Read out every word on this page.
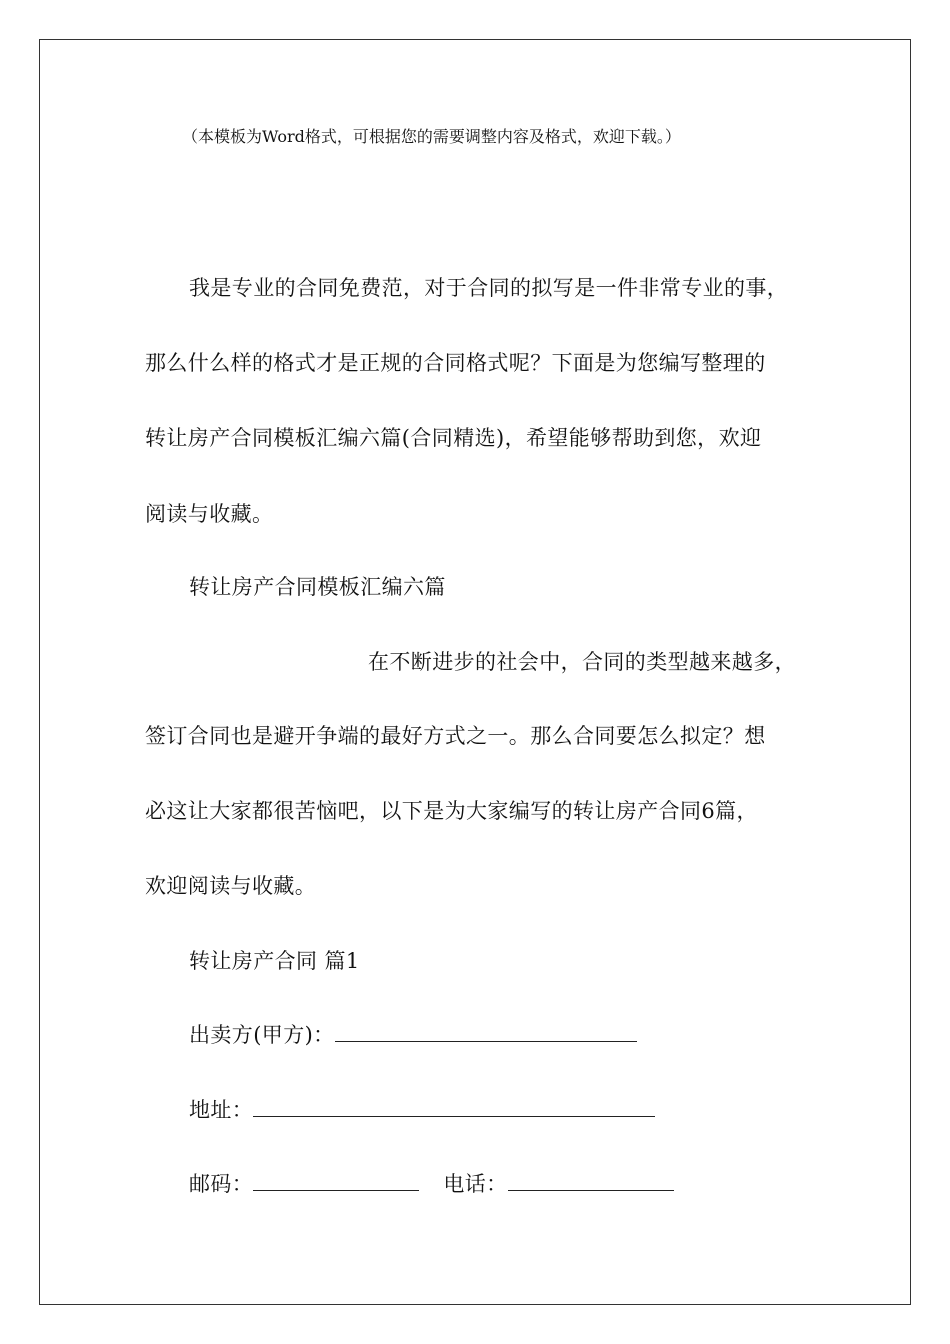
（本模板为Word格式，可根据您的需要调整内容及格式，欢迎下载。）
我是专业的合同免费范，对于合同的拟写是一件非常专业的事，
那么什么样的格式才是正规的合同格式呢？下面是为您编写整理的
转让房产合同模板汇编六篇(合同精选)，希望能够帮助到您，欢迎
阅读与收藏。
转让房产合同模板汇编六篇
在不断进步的社会中，合同的类型越来越多，
签订合同也是避开争端的最好方式之一。那么合同要怎么拟定？想
必这让大家都很苦恼吧，以下是为大家编写的转让房产合同6篇，
欢迎阅读与收藏。
转让房产合同 篇1
出卖方(甲方)：
地址：
邮码：	电话：
